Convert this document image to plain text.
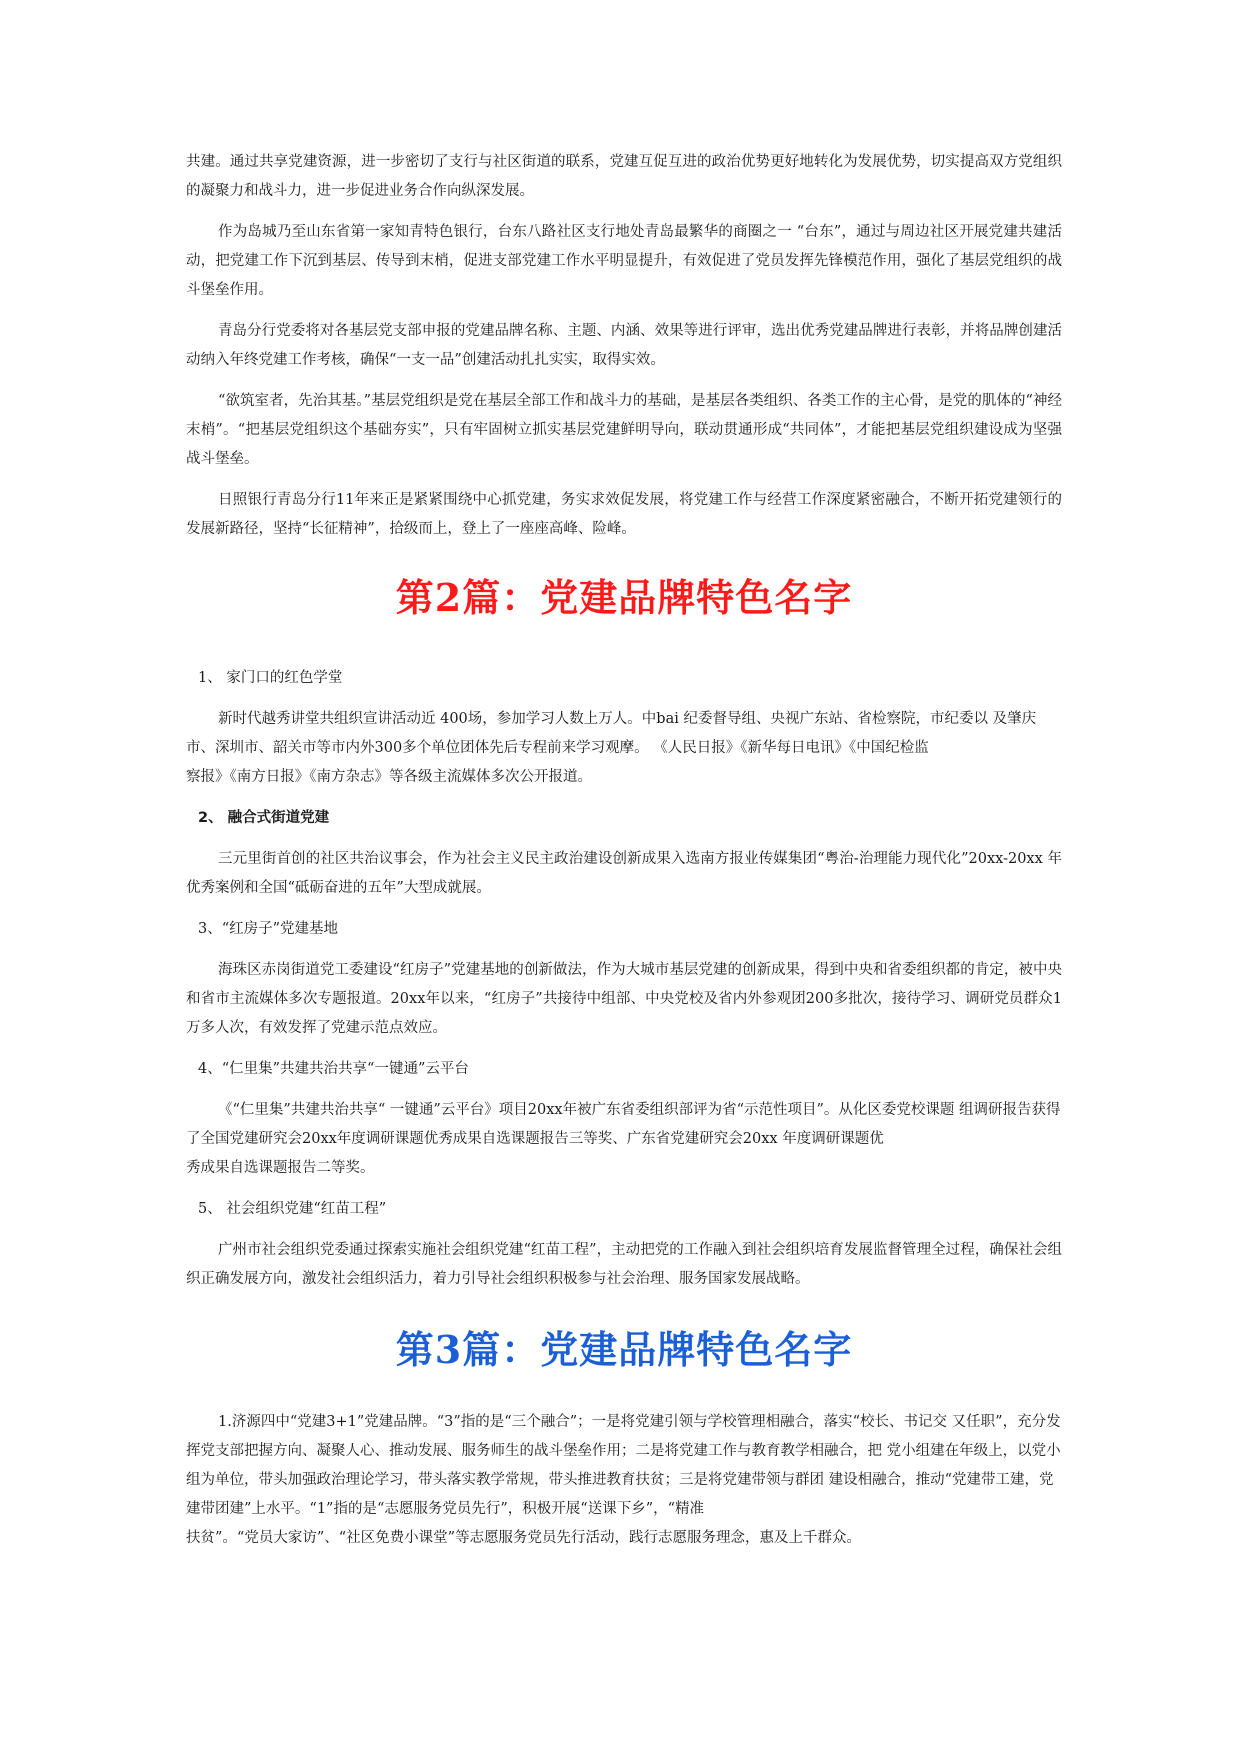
共建。通过共享党建资源，进一步密切了支行与社区街道的联系，党建互促互进的政治优势更好地转化为发展优势，切实提高双方党组织的凝聚力和战斗力，进一步促进业务合作向纵深发展。

作为岛城乃至山东省第一家知青特色银行，台东八路社区支行地处青岛最繁华的商圈之一 “台东”，通过与周边社区开展党建共建活动，把党建工作下沉到基层、传导到末梢，促进支部党建工作水平明显提升，有效促进了党员发挥先锋模范作用，强化了基层党组织的战斗堡垒作用。

青岛分行党委将对各基层党支部申报的党建品牌名称、主题、内涵、效果等进行评审，选出优秀党建品牌进行表彰，并将品牌创建活动纳入年终党建工作考核，确保“一支一品”创建活动扎扎实实，取得实效。

“欲筑室者，先治其基。”基层党组织是党在基层全部工作和战斗力的基础，是基层各类组织、各类工作的主心骨，是党的肌体的“神经末梢”。“把基层党组织这个基础夯实”，只有牢固树立抓实基层党建鲜明导向，联动贯通形成“共同体”，才能把基层党组织建设成为坚强战斗堡垒。

日照银行青岛分行11年来正是紧紧围绕中心抓党建，务实求效促发展，将党建工作与经营工作深度紧密融合，不断开拓党建领行的发展新路径，坚持“长征精神”，拾级而上，登上了一座座高峰、险峰。

第2篇：党建品牌特色名字

1、 家门口的红色学堂

新时代越秀讲堂共组织宣讲活动近 400场，参加学习人数上万人。中bai 纪委督导组、央视广东站、省检察院，市纪委以 及肇庆市、深圳市、韶关市等市内外300多个单位团体先后专程前来学习观摩。 《人民日报》《新华每日电讯》《中国纪检监

察报》《南方日报》《南方杂志》等各级主流媒体多次公开报道。

2、 融合式街道党建

三元里街首创的社区共治议事会，作为社会主义民主政治建设创新成果入选南方报业传媒集团“粤治-治理能力现代化”20xx-20xx 年优秀案例和全国“砥砺奋进的五年”大型成就展。

3、“红房子”党建基地

海珠区赤岗街道党工委建设“红房子”党建基地的创新做法，作为大城市基层党建的创新成果，得到中央和省委组织都的肯定，被中央和省市主流媒体多次专题报道。20xx年以来，“红房子”共接待中组部、中央党校及省内外参观团200多批次，接待学习、调研党员群众1万多人次，有效发挥了党建示范点效应。

4、“仁里集”共建共治共享“一键通”云平台

《“仁里集”共建共治共享“ 一键通”云平台》项目20xx年被广东省委组织部评为省“示范性项目”。从化区委党校课题 组调研报告获得了全国党建研究会20xx年度调研课题优秀成果自选课题报告三等奖、广东省党建研究会20xx 年度调研课题优

秀成果自选课题报告二等奖。

5、 社会组织党建“红苗工程”

广州市社会组织党委通过探索实施社会组织党建“红苗工程”，主动把党的工作融入到社会组织培育发展监督管理全过程，确保社会组织正确发展方向，激发社会组织活力，着力引导社会组织积极参与社会治理、服务国家发展战略。

第3篇：党建品牌特色名字

1.济源四中“党建3+1”党建品牌。“3”指的是“三个融合”；一是将党建引领与学校管理相融合，落实“校长、书记交 又任职”，充分发挥党支部把握方向、凝聚人心、推动发展、服务师生的战斗堡垒作用；二是将党建工作与教育教学相融合，把 党小组建在年级上，以党小组为单位，带头加强政治理论学习，带头落实教学常规，带头推进教育扶贫；三是将党建带领与群团 建设相融合，推动“党建带工建，党建带团建”上水平。“1”指的是“志愿服务党员先行”，积极开展“送课下乡”，“精准

扶贫”。“党员大家访”、“社区免费小课堂”等志愿服务党员先行活动，践行志愿服务理念，惠及上千群众。
